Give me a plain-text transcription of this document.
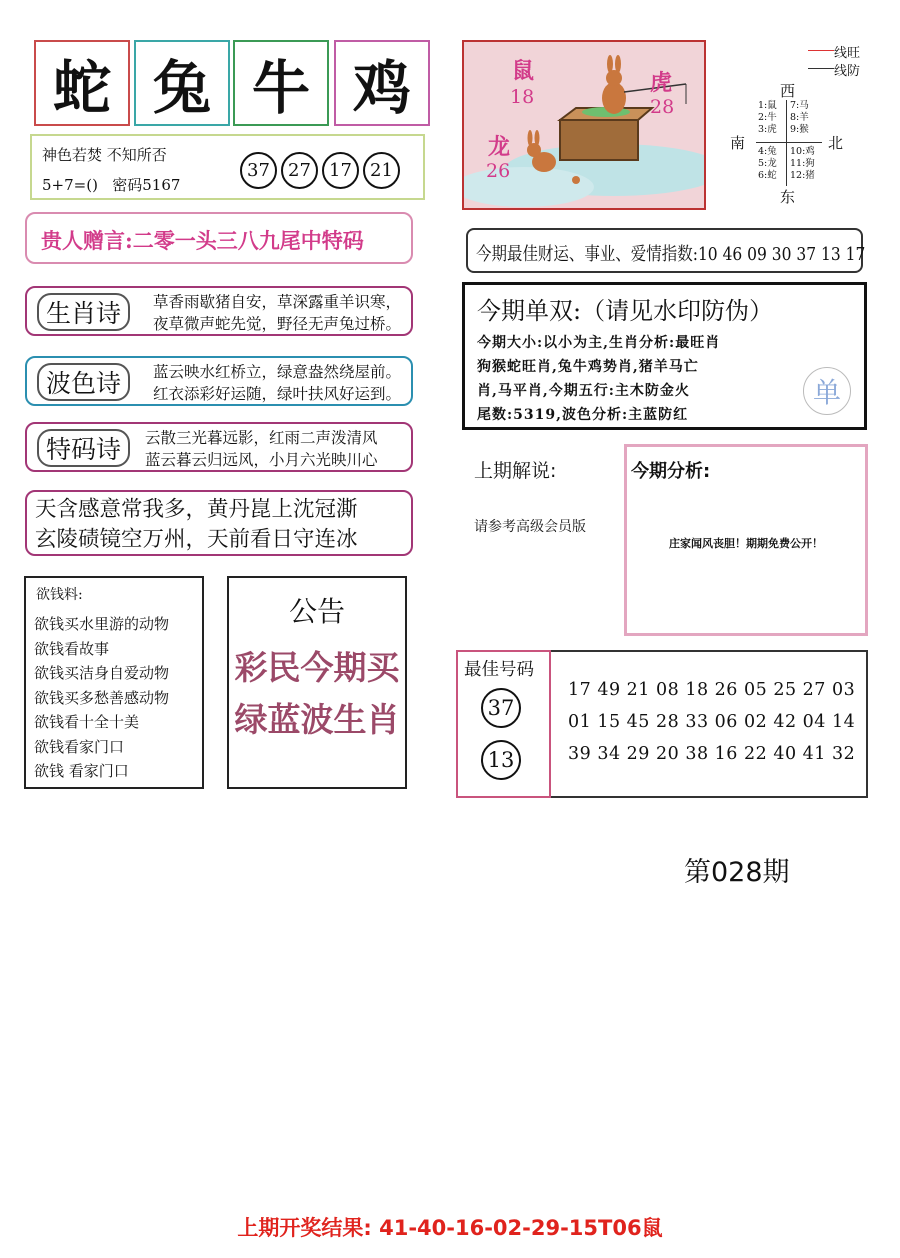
蛇 兔 牛 鸡
神色若焚 不知所否
5+7=()   密码5167
37	27	17	21
贵人赠言:二零一头三八九尾中特码
生肖诗	草香雨歇猪自安，草深露重羊识寒，
夜草微声蛇先觉，野径无声兔过桥。
波色诗	蓝云映水红桥立，绿意盎然绕屋前。
红衣添彩好运随，绿叶扶风好运到。
特码诗	云散三光暮远影，红雨二声泼清风
蓝云暮云归远风，小月六光映川心
天含感意常我多，黄丹崑上沈冠澌
玄陵碛镜空万州，天前看日守连冰
欲钱料:
欲钱买水里游的动物
欲钱看故事
欲钱买洁身自爱动物
欲钱买多愁善感动物
欲钱看十全十美
欲钱看家门口
欲钱 看家门口
公告
彩民今期买
绿蓝波生肖
鼠
18
虎
28
龙
26
线旺
线防
西
南	北
东
1:鼠
2:牛
3:虎
7:马
8:羊
9:猴
4:兔
5:龙
6:蛇
10:鸡
11:狗
12:猪
今期最佳财运、事业、爱情指数:10 46 09 30 37 13 17
今期单双:（请见水印防伪）
今期大小:以小为主,生肖分析:最旺肖
狗猴蛇旺肖,兔牛鸡势肖,猪羊马亡
肖,马平肖,今期五行:主木防金火
尾数:5319,波色分析:主蓝防红
单
上期解说:
请参考高级会员版
今期分析:
庄家闻风丧胆！期期免费公开！
最佳号码
37
13
17 49 21 08 18 26 05 25 27 03
01 15 45 28 33 06 02 42 04 14
39 34 29 20 38 16 22 40 41 32
第028期
上期开奖结果: 41-40-16-02-29-15T06鼠
